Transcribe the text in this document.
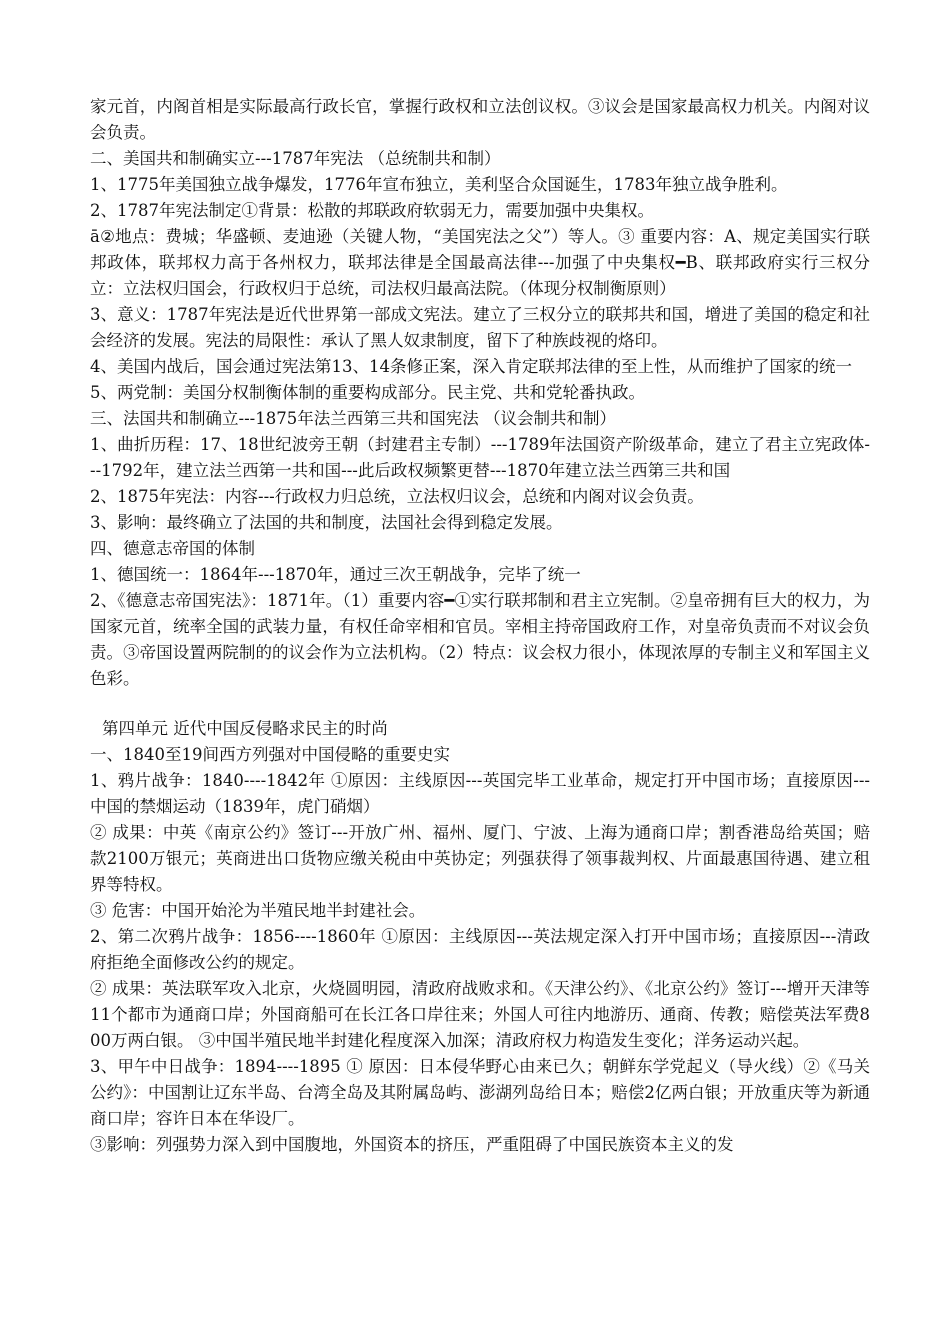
家元首，内阁首相是实际最高行政长官，掌握行政权和立法创议权。③议会是国家最高权力机关。内阁对议会负责。

二、美国共和制确实立---1787年宪法 （总统制共和制）

1、1775年美国独立战争爆发，1776年宣布独立，美利坚合众国诞生，1783年独立战争胜利。

2、1787年宪法制定①背景：松散的邦联政府软弱无力，需要加强中央集权。

ā②地点：费城；华盛顿、麦迪逊（关键人物，“美国宪法之父”）等人。③ 重要内容：A、规定美国实行联邦政体，联邦权力高于各州权力，联邦法律是全国最高法律---加强了中央集权━B、联邦政府实行三权分立：立法权归国会，行政权归于总统，司法权归最高法院。（体现分权制衡原则）

3、意义：1787年宪法是近代世界第一部成文宪法。建立了三权分立的联邦共和国，增进了美国的稳定和社会经济的发展。宪法的局限性：承认了黑人奴隶制度，留下了种族歧视的烙印。

4、美国内战后，国会通过宪法第13、14条修正案，深入肯定联邦法律的至上性，从而维护了国家的统一

5、两党制：美国分权制衡体制的重要构成部分。民主党、共和党轮番执政。

三、法国共和制确立---1875年法兰西第三共和国宪法 （议会制共和制）

1、曲折历程：17、18世纪波旁王朝（封建君主专制）---1789年法国资产阶级革命，建立了君主立宪政体---1792年，建立法兰西第一共和国---此后政权频繁更替---1870年建立法兰西第三共和国

2、1875年宪法：内容---行政权力归总统，立法权归议会，总统和内阁对议会负责。

3、影响：最终确立了法国的共和制度，法国社会得到稳定发展。

四、德意志帝国的体制

1、德国统一：1864年---1870年，通过三次王朝战争，完毕了统一

2、《德意志帝国宪法》：1871年。（1）重要内容━①实行联邦制和君主立宪制。②皇帝拥有巨大的权力，为国家元首，统率全国的武装力量，有权任命宰相和官员。宰相主持帝国政府工作，对皇帝负责而不对议会负责。③帝国设置两院制的的议会作为立法机构。（2）特点：议会权力很小，体现浓厚的专制主义和军国主义色彩。

第四单元 近代中国反侵略求民主的时尚

一、1840至19间西方列强对中国侵略的重要史实

1、鸦片战争：1840----1842年 ①原因：主线原因---英国完毕工业革命，规定打开中国市场；直接原因---中国的禁烟运动（1839年，虎门硝烟）

② 成果：中英《南京公约》签订---开放广州、福州、厦门、宁波、上海为通商口岸；割香港岛给英国；赔款2100万银元；英商进出口货物应缴关税由中英协定；列强获得了领事裁判权、片面最惠国待遇、建立租界等特权。

③ 危害：中国开始沦为半殖民地半封建社会。

2、第二次鸦片战争：1856----1860年 ①原因：主线原因---英法规定深入打开中国市场；直接原因---清政府拒绝全面修改公约的规定。

② 成果：英法联军攻入北京，火烧圆明园，清政府战败求和。《天津公约》、《北京公约》签订---增开天津等11个都市为通商口岸；外国商船可在长江各口岸往来；外国人可往内地游历、通商、传教；赔偿英法军费800万两白银。 ③中国半殖民地半封建化程度深入加深；清政府权力构造发生变化；洋务运动兴起。

3、甲午中日战争：1894----1895 ① 原因：日本侵华野心由来已久；朝鲜东学党起义（导火线）②《马关公约》：中国割让辽东半岛、台湾全岛及其附属岛屿、澎湖列岛给日本；赔偿2亿两白银；开放重庆等为新通商口岸；容许日本在华设厂。

③影响：列强势力深入到中国腹地，外国资本的挤压，严重阻碍了中国民族资本主义的发
